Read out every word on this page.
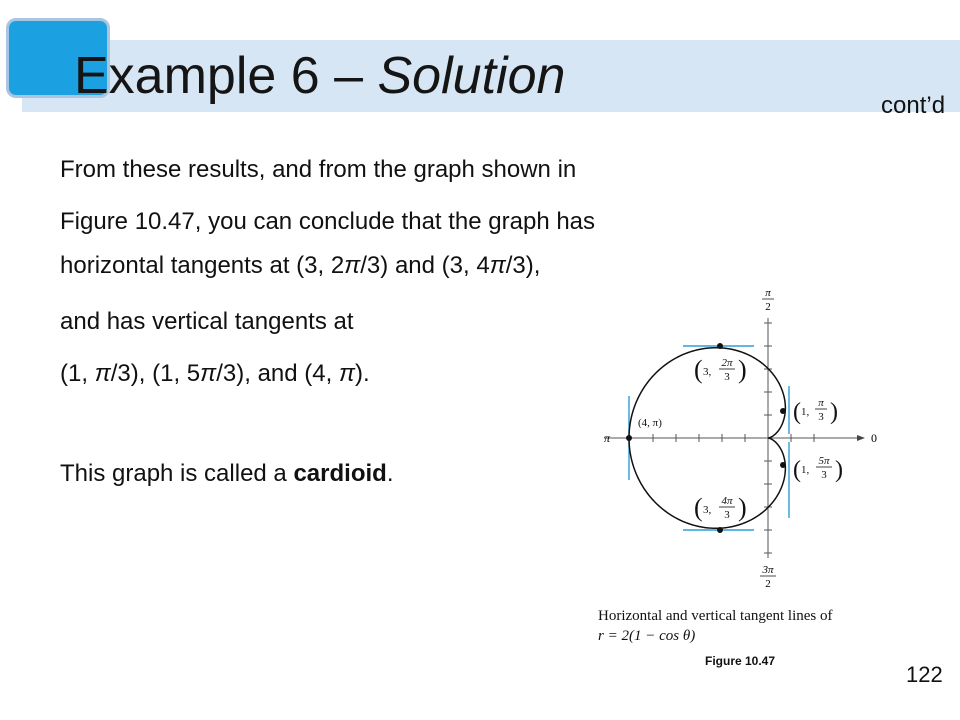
Example 6 – Solution
cont’d
From these results, and from the graph shown in
Figure 10.47, you can conclude that the graph has
horizontal tangents at (3, 2π/3) and (3, 4π/3),
and has vertical tangents at
(1, π/3), (1, 5π/3), and (4, π).
This graph is called a cardioid.
π
2
3π
2
π	0
( 3,
2π
3 )
( 3,
4π
3 )
( 1,
π
3 )
( 1,
5π
3 )
(4, π)
Horizontal and vertical tangent lines of
r = 2(1 − cos θ)
Figure 10.47
122
